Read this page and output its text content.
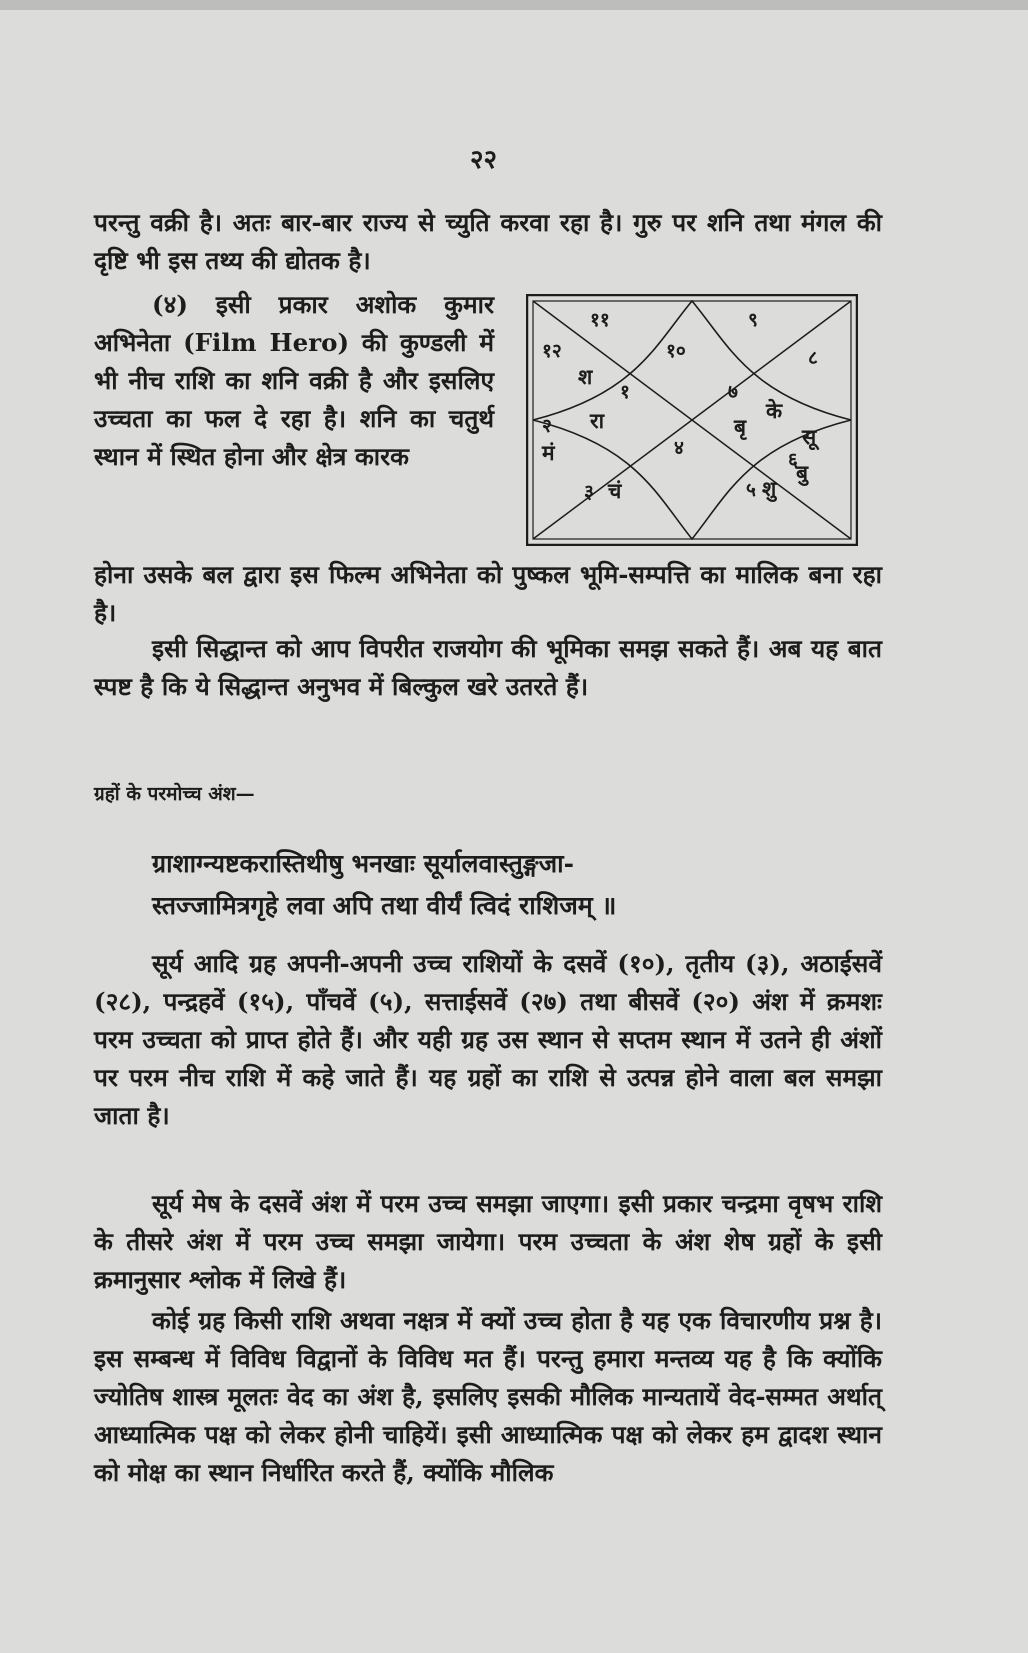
२२

परन्तु वक्री है। अतः बार-बार राज्य से च्युति करवा रहा है। गुरु पर शनि तथा मंगल की दृष्टि भी इस तथ्य की द्योतक है।

(४) इसी प्रकार अशोक कुमार अभिनेता (Film Hero) की कुण्डली में भी नीच राशि का शनि वक्री है और इसलिए उच्चता का फल दे रहा है। शनि का चतुर्थ स्थान में स्थित होना और क्षेत्र कारक

११	९
१२	१०	८
१	७
२
४
६
३	५
श
रा	बृ
के
सू
बु
मं
चं	शु

होना उसके बल द्वारा इस फिल्म अभिनेता को पुष्कल भूमि-सम्पत्ति का मालिक बना रहा है।

इसी सिद्धान्त को आप विपरीत राजयोग की भूमिका समझ सकते हैं। अब यह बात स्पष्ट है कि ये सिद्धान्त अनुभव में बिल्कुल खरे उतरते हैं।

ग्रहों के परमोच्च अंश—
ग्राशाग्न्यष्टकरास्तिथीषु भनखाः सूर्यालवास्तुङ्गजा-
स्तज्जामित्रगृहे लवा अपि तथा वीर्यं त्विदं राशिजम् ॥

सूर्य आदि ग्रह अपनी-अपनी उच्च राशियों के दसवें (१०), तृतीय (३), अठाईसवें (२८), पन्द्रहवें (१५), पाँचवें (५), सत्ताईसवें (२७) तथा बीसवें (२०) अंश में क्रमशः परम उच्चता को प्राप्त होते हैं। और यही ग्रह उस स्थान से सप्तम स्थान में उतने ही अंशों पर परम नीच राशि में कहे जाते हैं। यह ग्रहों का राशि से उत्पन्न होने वाला बल समझा जाता है।

सूर्य मेष के दसवें अंश में परम उच्च समझा जाएगा। इसी प्रकार चन्द्रमा वृषभ राशि के तीसरे अंश में परम उच्च समझा जायेगा। परम उच्चता के अंश शेष ग्रहों के इसी क्रमानुसार श्लोक में लिखे हैं।

कोई ग्रह किसी राशि अथवा नक्षत्र में क्यों उच्च होता है यह एक विचारणीय प्रश्न है। इस सम्बन्ध में विविध विद्वानों के विविध मत हैं। परन्तु हमारा मन्तव्य यह है कि क्योंकि ज्योतिष शास्त्र मूलतः वेद का अंश है, इसलिए इसकी मौलिक मान्यतायें वेद-सम्मत अर्थात् आध्यात्मिक पक्ष को लेकर होनी चाहियें। इसी आध्यात्मिक पक्ष को लेकर हम द्वादश स्थान को मोक्ष का स्थान निर्धारित करते हैं, क्योंकि मौलिक
